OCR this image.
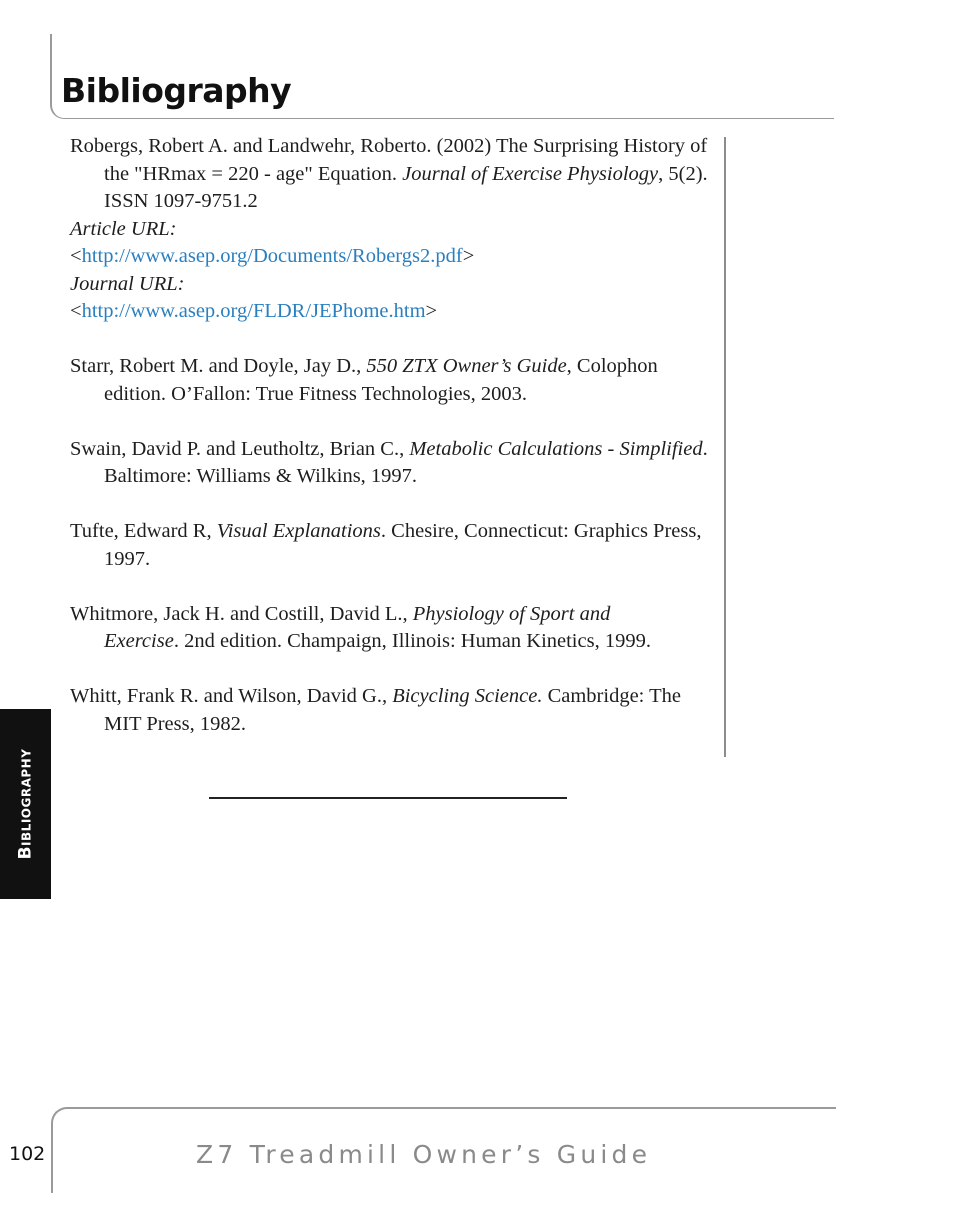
Bibliography

Robergs, Robert A. and Landwehr, Roberto. (2002) The Surprising History of the "HRmax = 220 - age" Equation. Journal of Exercise Physiology, 5(2). ISSN 1097-9751.2

Article URL:

<http://www.asep.org/Documents/Robergs2.pdf>

Journal URL:

<http://www.asep.org/FLDR/JEPhome.htm>

Starr, Robert M. and Doyle, Jay D., 550 ZTX Owner’s Guide, Colophon edition. O’Fallon: True Fitness Technologies, 2003.

Swain, David P. and Leutholtz, Brian C., Metabolic Calculations - Simplified. Baltimore: Williams & Wilkins, 1997.

Tufte, Edward R, Visual Explanations. Chesire, Connecticut: Graphics Press, 1997.

Whitmore, Jack H. and Costill, David L., Physiology of Sport and Exercise. 2nd edition. Champaign, Illinois: Human Kinetics, 1999.

Whitt, Frank R. and Wilson, David G., Bicycling Science. Cambridge: The MIT Press, 1982.

Bibliography
102	Z7 Treadmill Owner’s Guide
